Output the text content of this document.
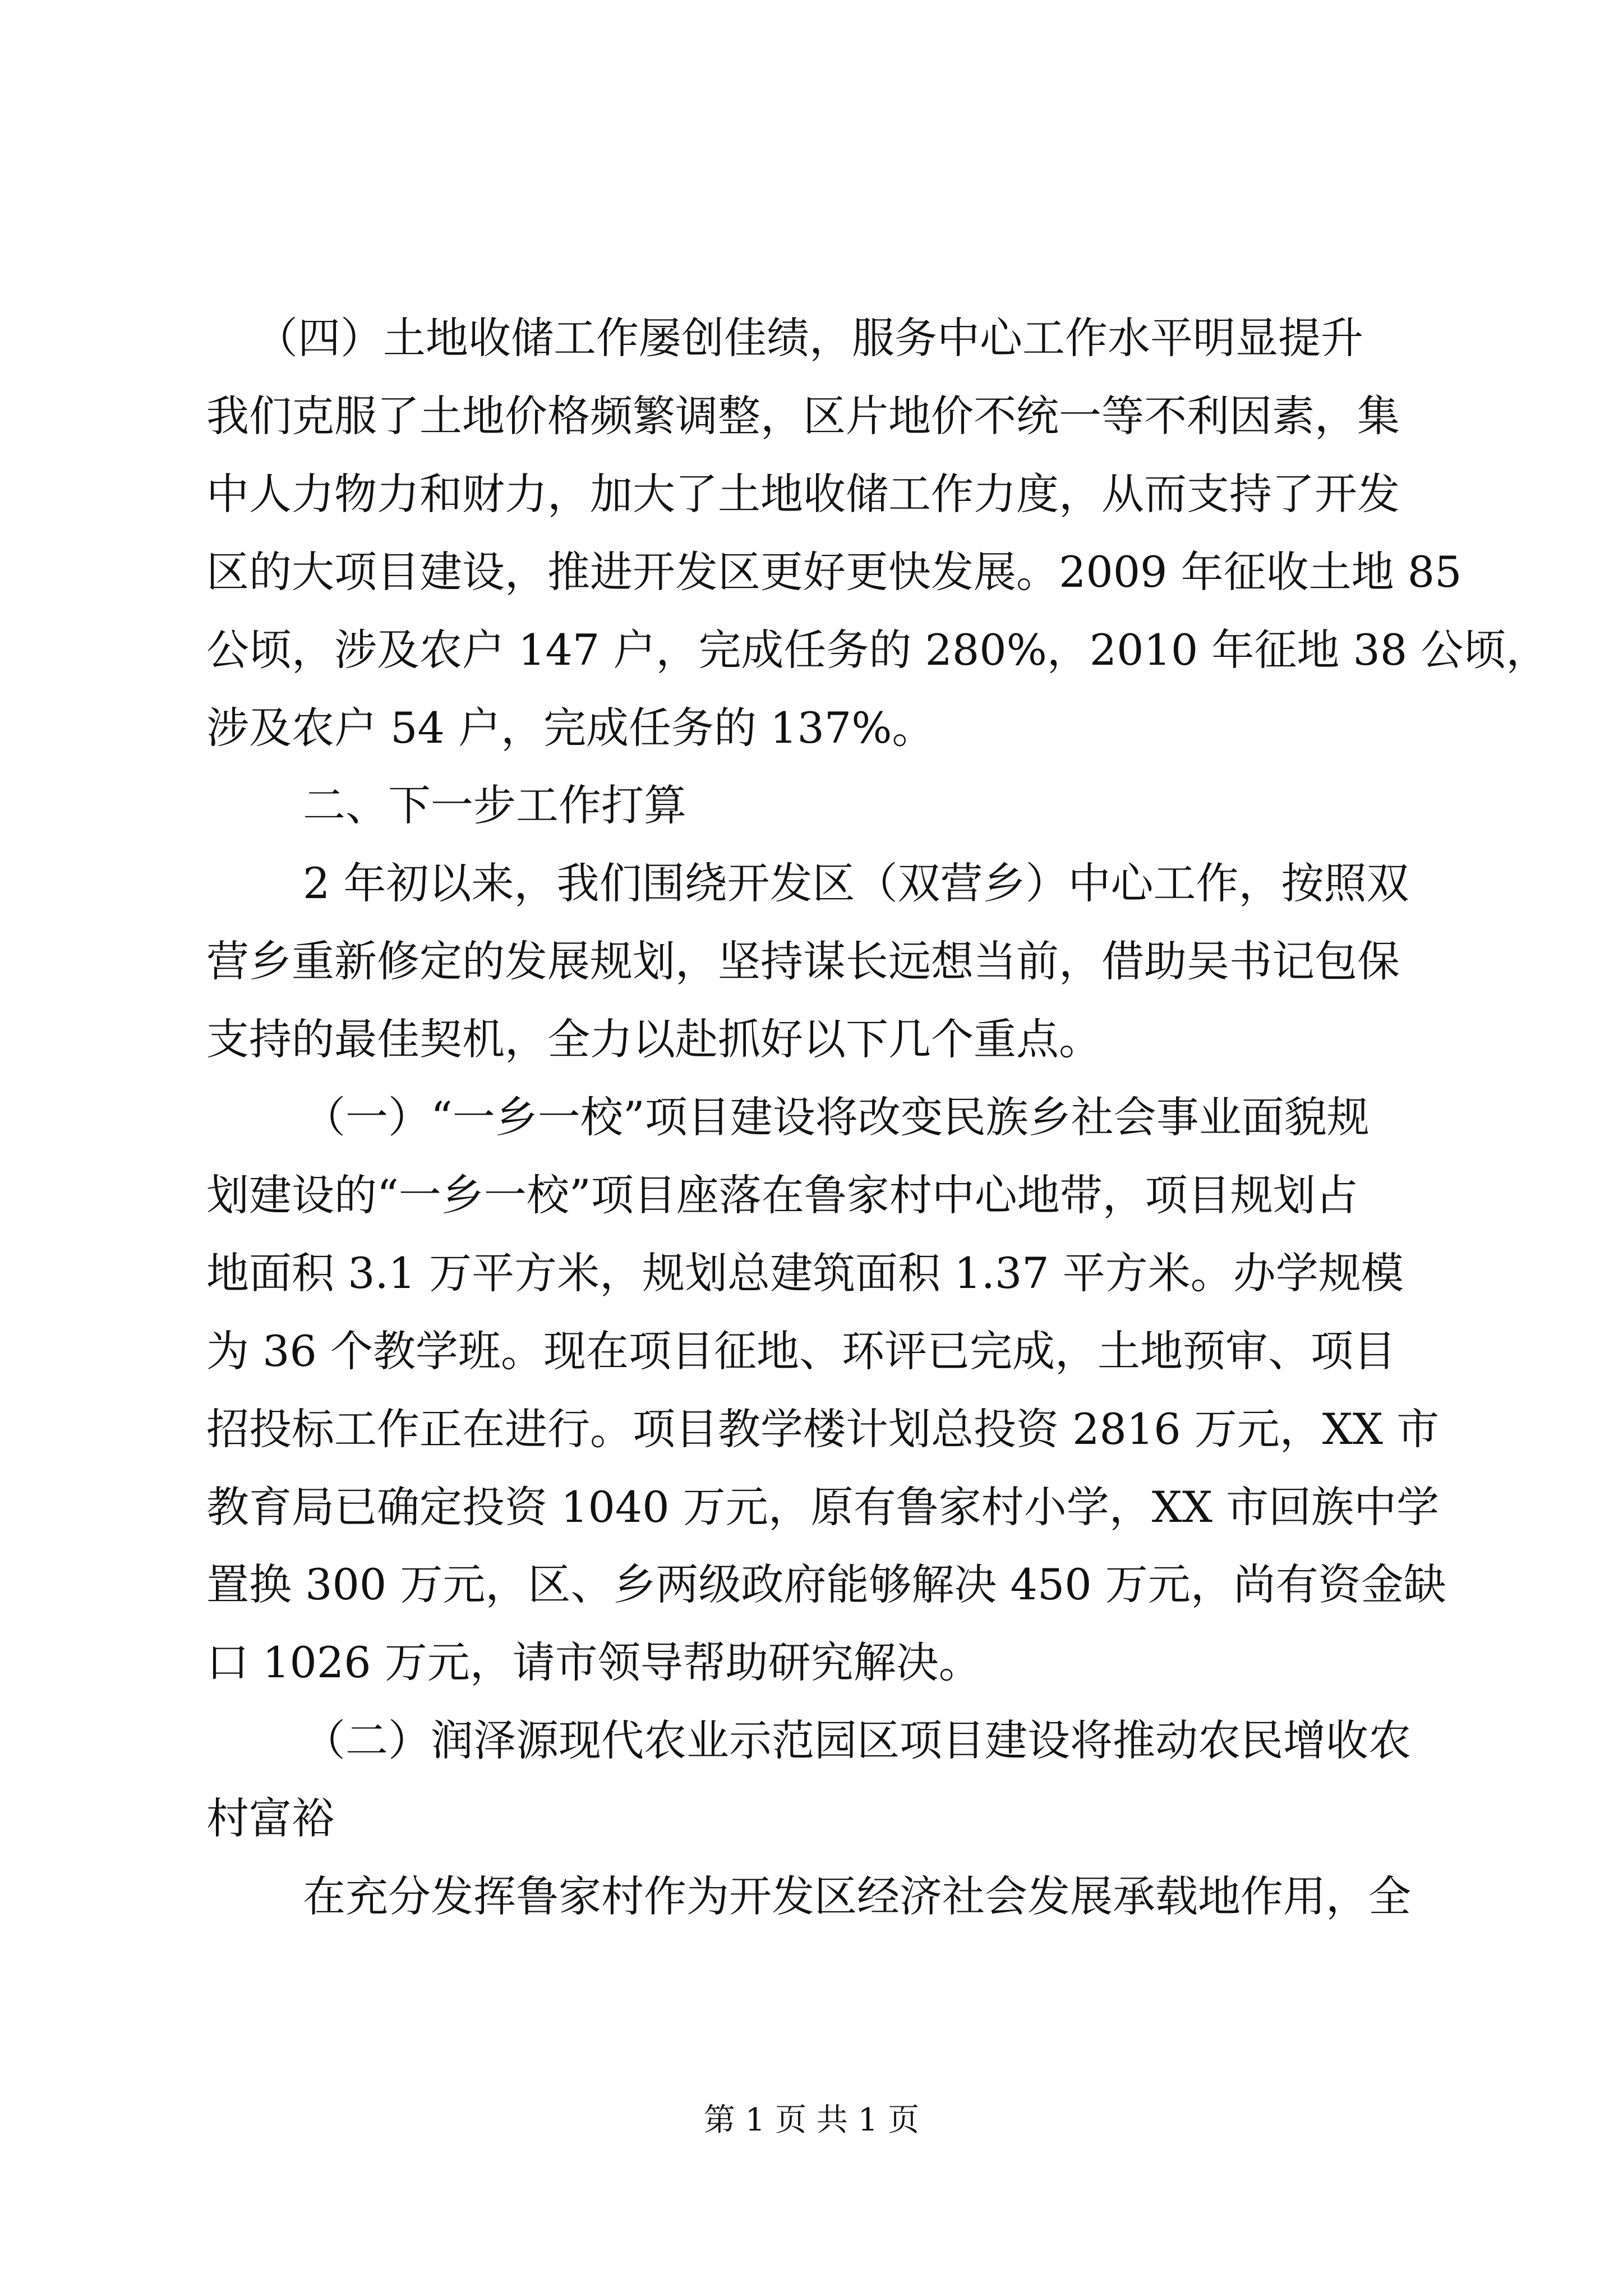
（四）土地收储工作屡创佳绩，服务中心工作水平明显提升
我们克服了土地价格频繁调整，区片地价不统一等不利因素，集
中人力物力和财力，加大了土地收储工作力度，从而支持了开发
区的大项目建设，推进开发区更好更快发展。2009 年征收土地 85
公顷，涉及农户 147 户，完成任务的 280%，2010 年征地 38 公顷，
涉及农户 54 户，完成任务的 137%。
二、下一步工作打算
2 年初以来，我们围绕开发区（双营乡）中心工作，按照双
营乡重新修定的发展规划，坚持谋长远想当前，借助吴书记包保
支持的最佳契机，全力以赴抓好以下几个重点。
（一）“一乡一校”项目建设将改变民族乡社会事业面貌规
划建设的“一乡一校”项目座落在鲁家村中心地带，项目规划占
地面积 3.1 万平方米，规划总建筑面积 1.37 平方米。办学规模
为 36 个教学班。现在项目征地、环评已完成，土地预审、项目
招投标工作正在进行。项目教学楼计划总投资 2816 万元，XX 市
教育局已确定投资 1040 万元，原有鲁家村小学，XX 市回族中学
置换 300 万元，区、乡两级政府能够解决 450 万元，尚有资金缺
口 1026 万元，请市领导帮助研究解决。
（二）润泽源现代农业示范园区项目建设将推动农民增收农
村富裕
在充分发挥鲁家村作为开发区经济社会发展承载地作用，全
第 1 页 共 1 页
